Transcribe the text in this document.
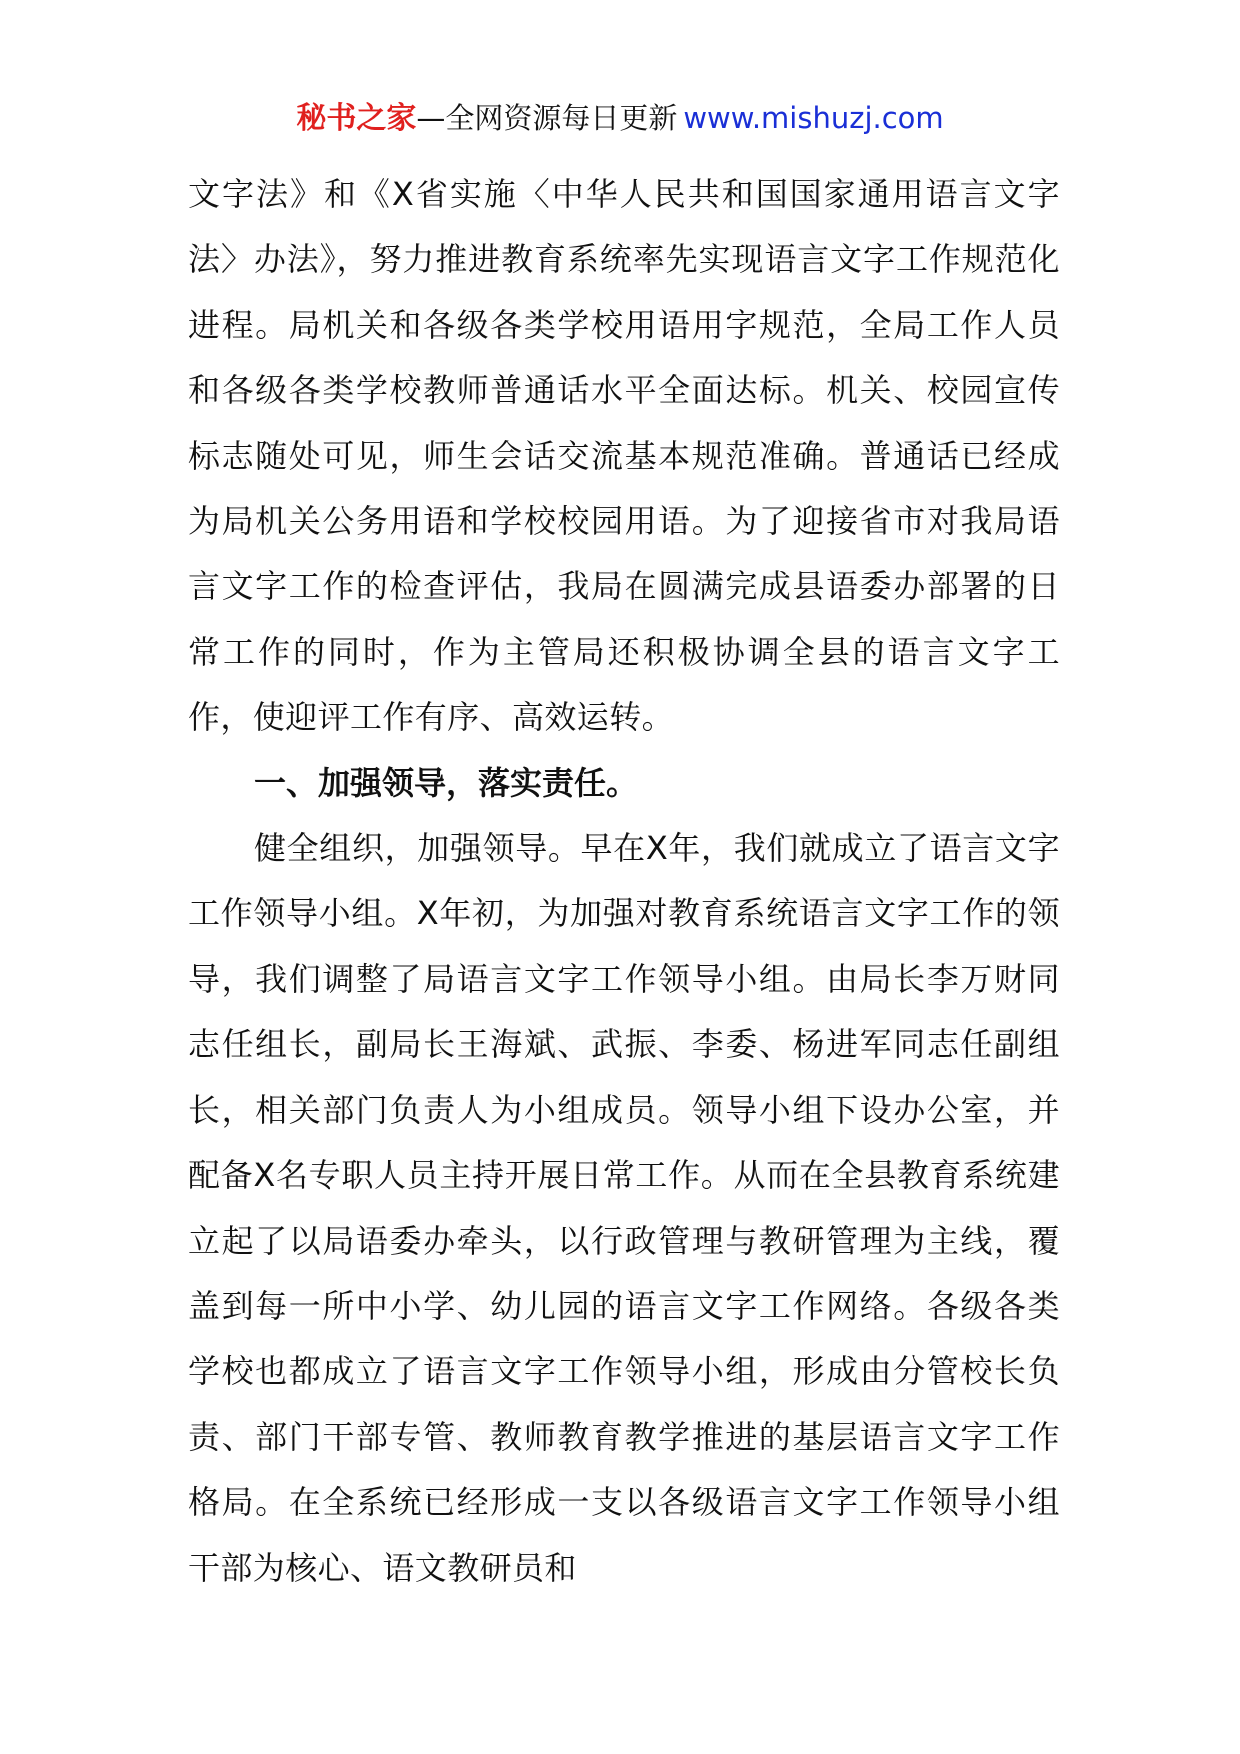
秘书之家—全网资源每日更新 www.mishuzj.com

文字法》和《X省实施〈中华人民共和国国家通用语言文字法〉办法》，努力推进教育系统率先实现语言文字工作规范化进程。局机关和各级各类学校用语用字规范，全局工作人员和各级各类学校教师普通话水平全面达标。机关、校园宣传标志随处可见，师生会话交流基本规范准确。普通话已经成为局机关公务用语和学校校园用语。为了迎接省市对我局语言文字工作的检查评估，我局在圆满完成县语委办部署的日常工作的同时，作为主管局还积极协调全县的语言文字工作，使迎评工作有序、高效运转。

一、加强领导，落实责任。

健全组织，加强领导。早在X年，我们就成立了语言文字工作领导小组。X年初，为加强对教育系统语言文字工作的领导，我们调整了局语言文字工作领导小组。由局长李万财同志任组长，副局长王海斌、武振、李委、杨进军同志任副组长，相关部门负责人为小组成员。领导小组下设办公室，并配备X名专职人员主持开展日常工作。从而在全县教育系统建立起了以局语委办牵头，以行政管理与教研管理为主线，覆盖到每一所中小学、幼儿园的语言文字工作网络。各级各类学校也都成立了语言文字工作领导小组，形成由分管校长负责、部门干部专管、教师教育教学推进的基层语言文字工作格局。在全系统已经形成一支以各级语言文字工作领导小组干部为核心、语文教研员和
